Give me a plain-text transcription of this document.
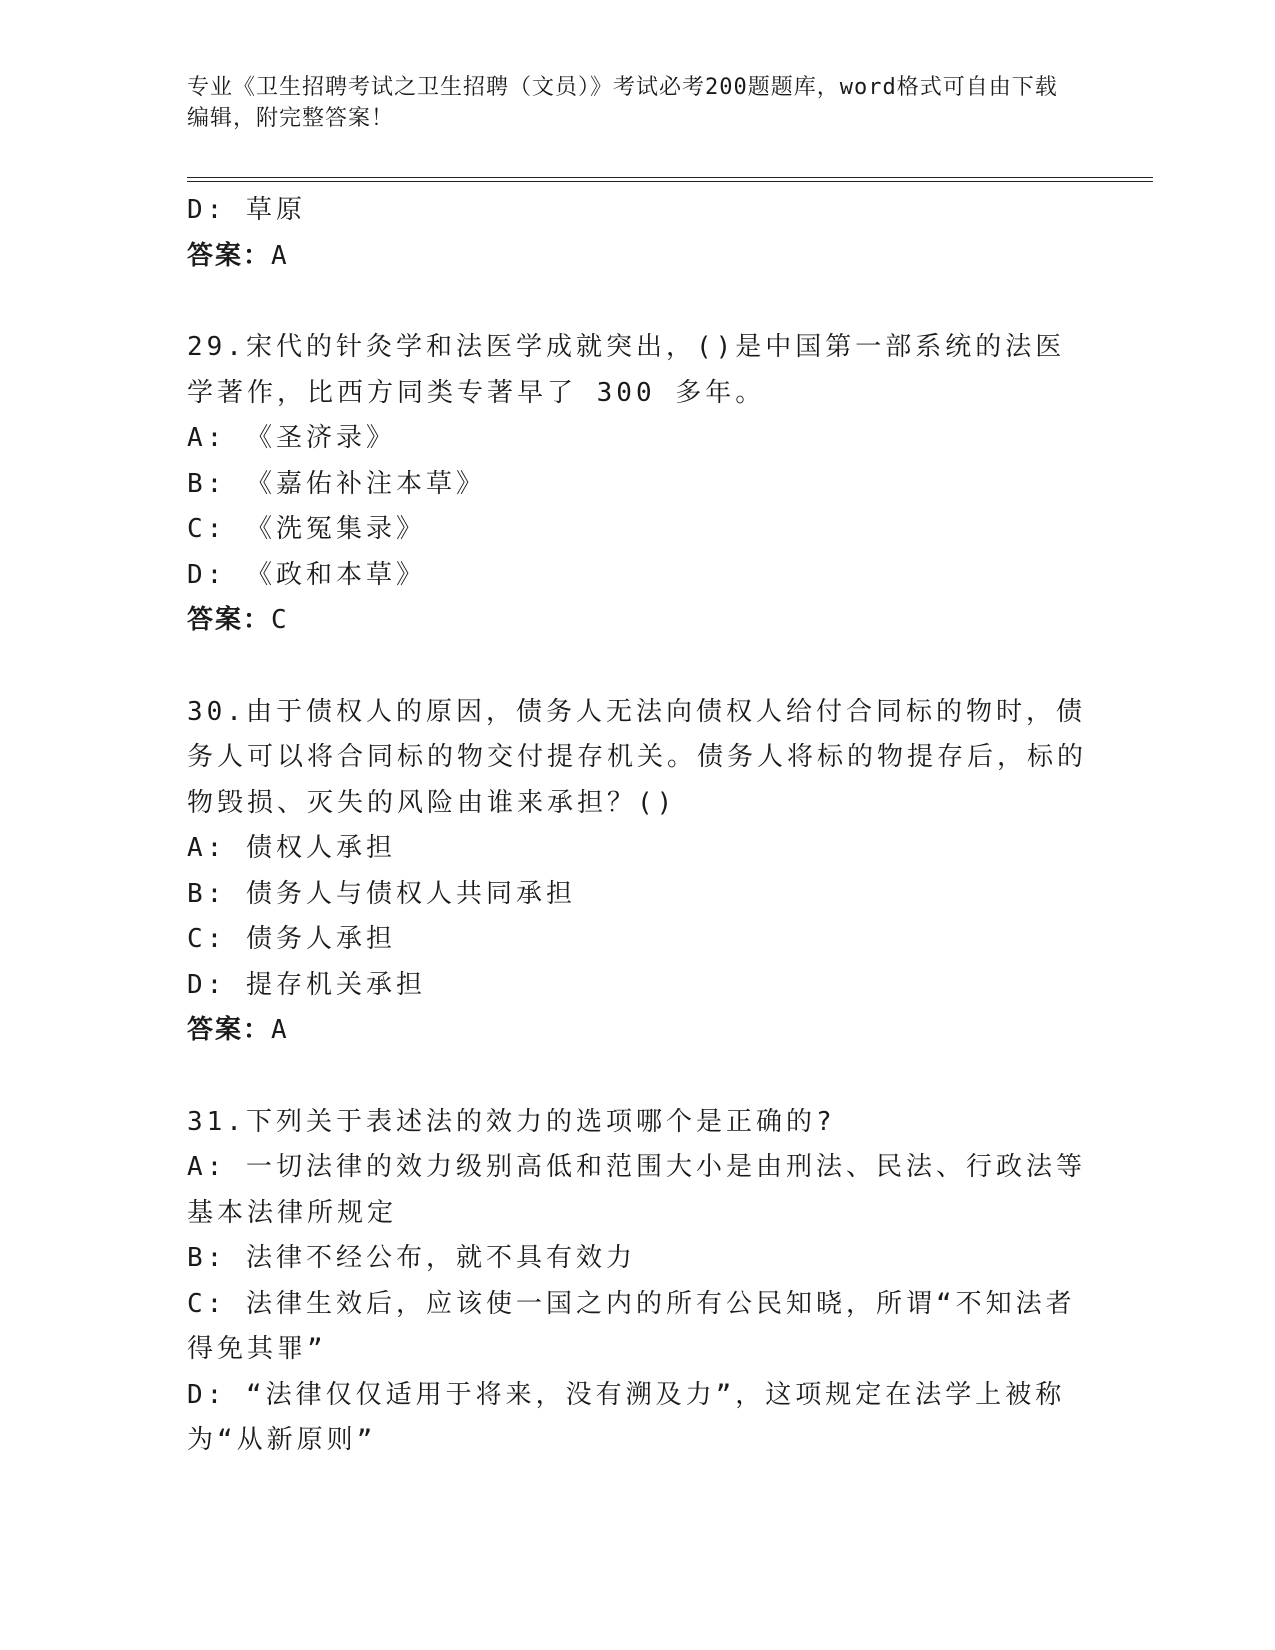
专业《卫生招聘考试之卫生招聘（文员）》考试必考200题题库，word格式可自由下载编辑，附完整答案！

D: 草原

答案：A

29.宋代的针灸学和法医学成就突出，()是中国第一部系统的法医学著作，比西方同类专著早了 300 多年。

A: 《圣济录》

B: 《嘉佑补注本草》

C: 《洗冤集录》

D: 《政和本草》

答案：C

30.由于债权人的原因，债务人无法向债权人给付合同标的物时，债务人可以将合同标的物交付提存机关。债务人将标的物提存后，标的物毁损、灭失的风险由谁来承担？()

A: 债权人承担

B: 债务人与债权人共同承担

C: 债务人承担

D: 提存机关承担

答案：A

31.下列关于表述法的效力的选项哪个是正确的?

A: 一切法律的效力级别高低和范围大小是由刑法、民法、行政法等基本法律所规定

B: 法律不经公布，就不具有效力

C: 法律生效后，应该使一国之内的所有公民知晓，所谓“不知法者得免其罪”

D: “法律仅仅适用于将来，没有溯及力”，这项规定在法学上被称为“从新原则”
